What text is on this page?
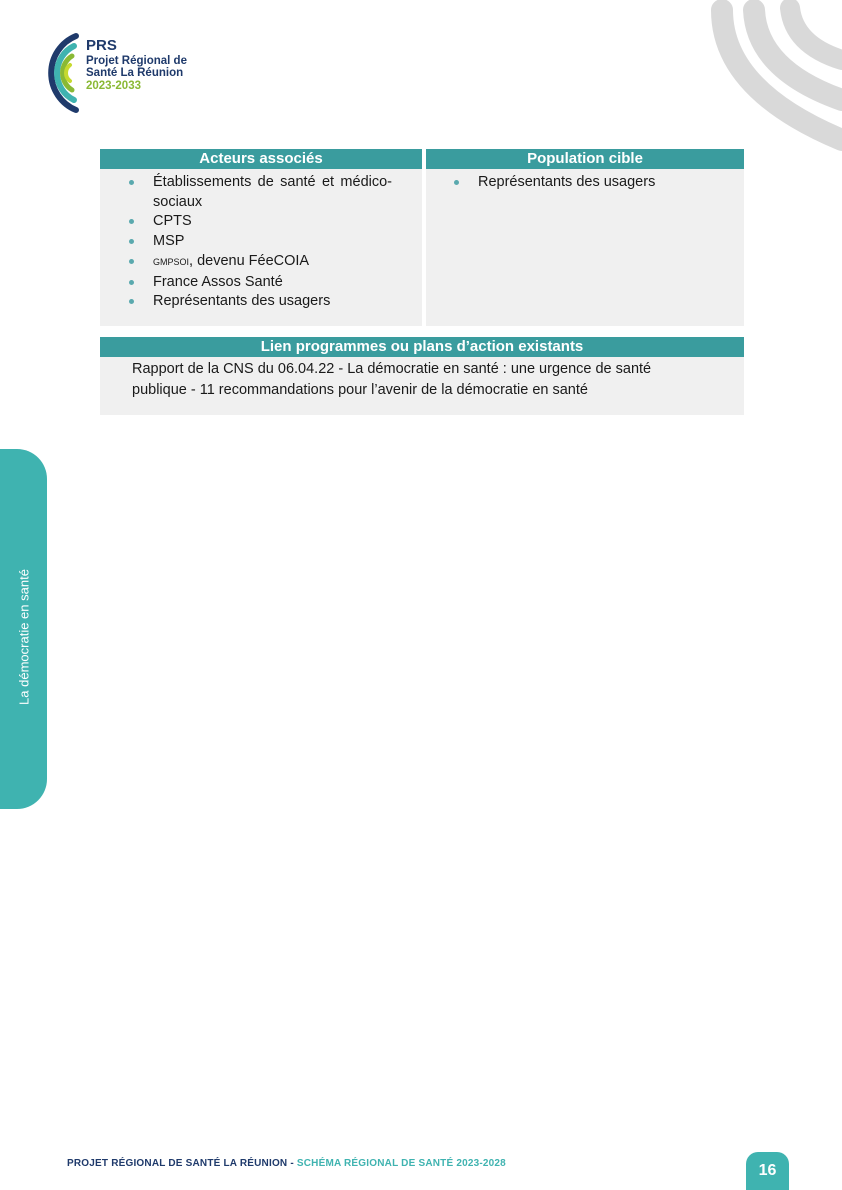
PRS
Projet Régional de
Santé La Réunion
2023-2033
Acteurs associés
Établissements de santé et médico-sociaux
CPTS
MSP
GMPSOI, devenu FéeCOIA
France Assos Santé
Représentants des usagers
Population cible
Représentants des usagers
Lien programmes ou plans d’action existants
Rapport de la CNS du 06.04.22 - La démocratie en santé : une urgence de santé publique - 11 recommandations pour l’avenir de la démocratie en santé
La démocratie en santé
PROJET RÉGIONAL DE SANTÉ LA RÉUNION - SCHÉMA RÉGIONAL DE SANTÉ 2023-2028	16
